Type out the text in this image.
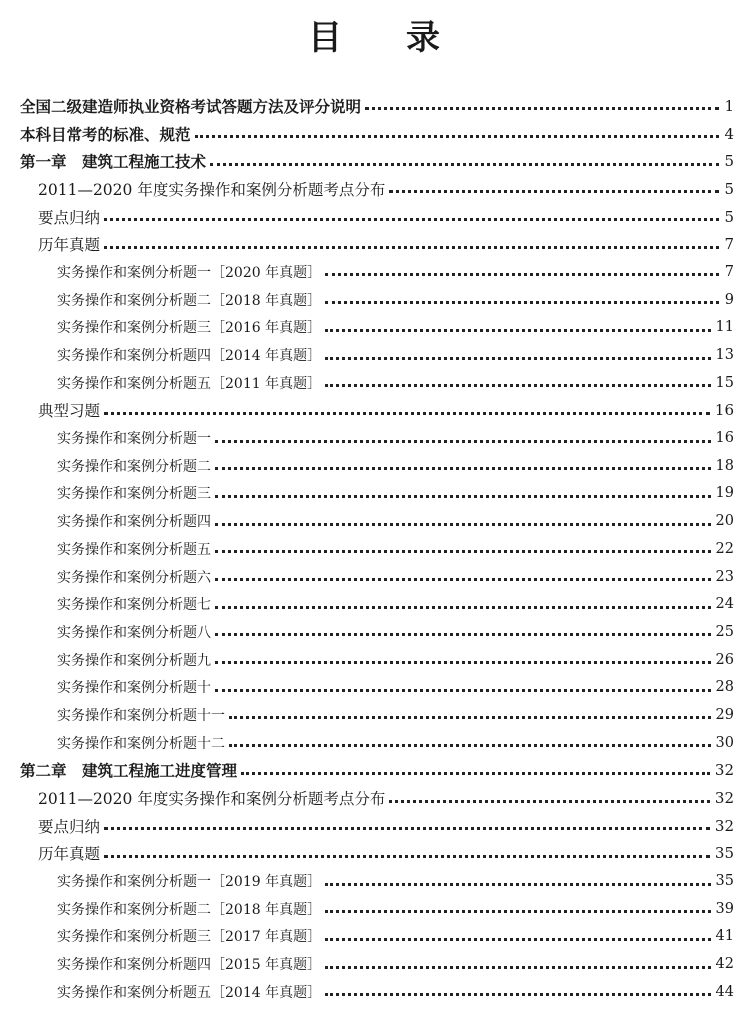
目 录
全国二级建造师执业资格考试答题方法及评分说明	1
本科目常考的标准、规范	4
第一章　建筑工程施工技术	5
2011—2020 年度实务操作和案例分析题考点分布	5
要点归纳	5
历年真题	7
实务操作和案例分析题一［2020 年真题］	7
实务操作和案例分析题二［2018 年真题］	9
实务操作和案例分析题三［2016 年真题］	11
实务操作和案例分析题四［2014 年真题］	13
实务操作和案例分析题五［2011 年真题］	15
典型习题	16
实务操作和案例分析题一	16
实务操作和案例分析题二	18
实务操作和案例分析题三	19
实务操作和案例分析题四	20
实务操作和案例分析题五	22
实务操作和案例分析题六	23
实务操作和案例分析题七	24
实务操作和案例分析题八	25
实务操作和案例分析题九	26
实务操作和案例分析题十	28
实务操作和案例分析题十一	29
实务操作和案例分析题十二	30
第二章　建筑工程施工进度管理	32
2011—2020 年度实务操作和案例分析题考点分布	32
要点归纳	32
历年真题	35
实务操作和案例分析题一［2019 年真题］	35
实务操作和案例分析题二［2018 年真题］	39
实务操作和案例分析题三［2017 年真题］	41
实务操作和案例分析题四［2015 年真题］	42
实务操作和案例分析题五［2014 年真题］	44
